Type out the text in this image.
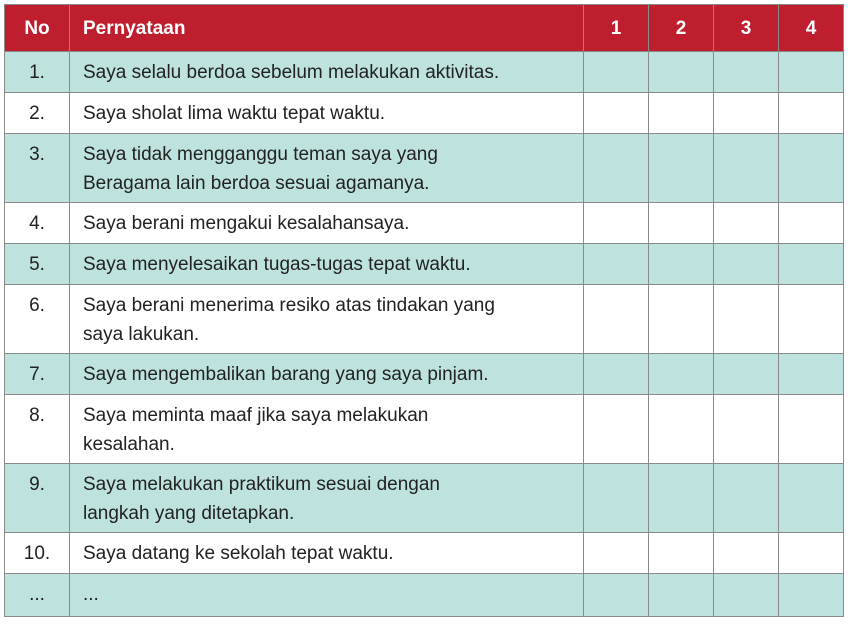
No	Pernyataan	1	2	3	4
1.	Saya selalu berdoa sebelum melakukan aktivitas.				

2.	Saya sholat lima waktu tepat waktu.				

3.	Saya tidak mengganggu teman saya yang
Beragama lain berdoa sesuai agamanya.				

4.	Saya berani mengakui kesalahansaya.				

5.	Saya menyelesaikan tugas-tugas tepat waktu.				

6.	Saya berani menerima resiko atas tindakan yang
saya lakukan.				

7.	Saya mengembalikan barang yang saya pinjam.				

8.	Saya meminta maaf jika saya melakukan
kesalahan.				

9.	Saya melakukan praktikum sesuai dengan
langkah yang ditetapkan.				

10.	Saya datang ke sekolah tepat waktu.				

...	...				
